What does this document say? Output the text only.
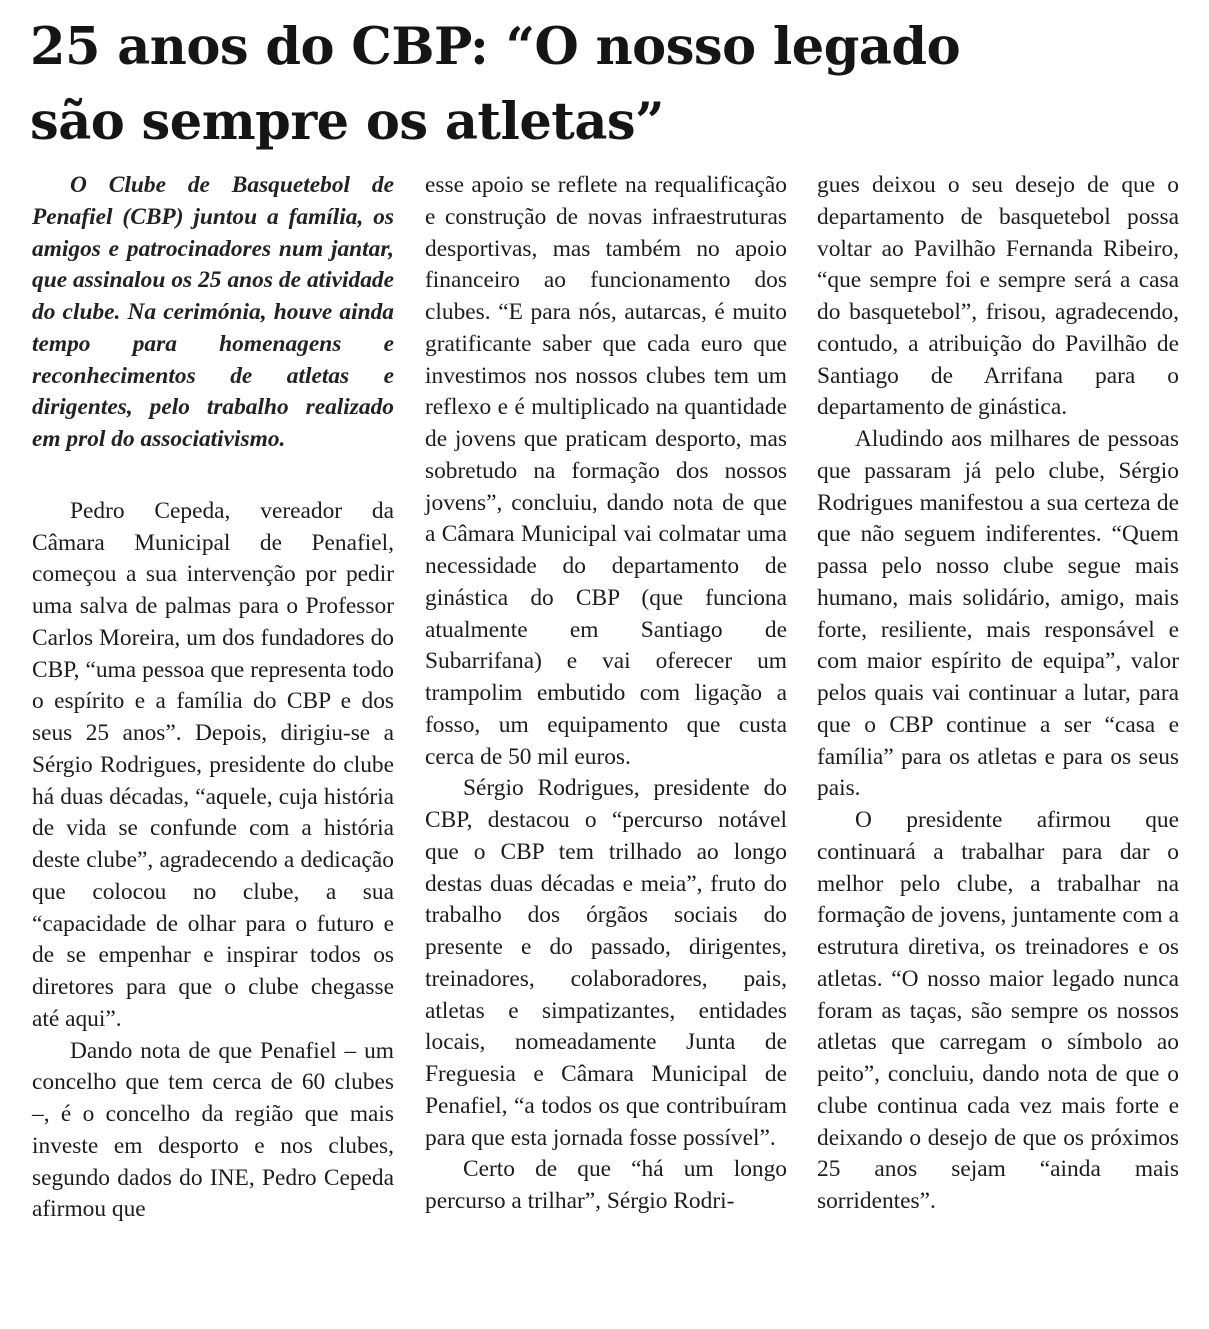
25 anos do CBP: “O nosso legado
são sempre os atletas”

O Clube de Basquetebol de Penafiel (CBP) juntou a família, os amigos e patrocinadores num jantar, que assinalou os 25 anos de atividade do clube. Na cerimónia, houve ainda tempo para homenagens e reconhecimentos de atletas e dirigentes, pelo trabalho realizado em prol do associativismo.

Pedro Cepeda, vereador da Câmara Municipal de Penafiel, começou a sua intervenção por pedir uma salva de palmas para o Professor Carlos Moreira, um dos fundadores do CBP, “uma pessoa que representa todo o espírito e a família do CBP e dos seus 25 anos”. Depois, dirigiu-se a Sérgio Rodrigues, presidente do clube há duas décadas, “aquele, cuja história de vida se confunde com a história deste clube”, agradecendo a dedicação que colocou no clube, a sua “capacidade de olhar para o futuro e de se empenhar e inspirar todos os diretores para que o clube chegasse até aqui”.

Dando nota de que Penafiel – um concelho que tem cerca de 60 clubes –, é o concelho da região que mais investe em desporto e nos clubes, segundo dados do INE, Pedro Cepeda afirmou que

esse apoio se reflete na requalificação e construção de novas infraestruturas desportivas, mas também no apoio financeiro ao funcionamento dos clubes. “E para nós, autarcas, é muito gratificante saber que cada euro que investimos nos nossos clubes tem um reflexo e é multiplicado na quantidade de jovens que praticam desporto, mas sobretudo na formação dos nossos jovens”, concluiu, dando nota de que a Câmara Municipal vai colmatar uma necessidade do departamento de ginástica do CBP (que funciona atualmente em Santiago de Subarrifana) e vai oferecer um trampolim embutido com ligação a fosso, um equipamento que custa cerca de 50 mil euros.

Sérgio Rodrigues, presidente do CBP, destacou o “percurso notável que o CBP tem trilhado ao longo destas duas décadas e meia”, fruto do trabalho dos órgãos sociais do presente e do passado, dirigentes, treinadores, colaboradores, pais, atletas e simpatizantes, entidades locais, nomeadamente Junta de Freguesia e Câmara Municipal de Penafiel, “a todos os que contribuíram para que esta jornada fosse possível”.

Certo de que “há um longo percurso a trilhar”, Sérgio Rodri-

gues deixou o seu desejo de que o departamento de basquetebol possa voltar ao Pavilhão Fernanda Ribeiro, “que sempre foi e sempre será a casa do basquetebol”, frisou, agradecendo, contudo, a atribuição do Pavilhão de Santiago de Arrifana para o departamento de ginástica.

Aludindo aos milhares de pessoas que passaram já pelo clube, Sérgio Rodrigues manifestou a sua certeza de que não seguem indiferentes. “Quem passa pelo nosso clube segue mais humano, mais solidário, amigo, mais forte, resiliente, mais responsável e com maior espírito de equipa”, valor pelos quais vai continuar a lutar, para que o CBP continue a ser “casa e família” para os atletas e para os seus pais.

O presidente afirmou que continuará a trabalhar para dar o melhor pelo clube, a trabalhar na formação de jovens, juntamente com a estrutura diretiva, os treinadores e os atletas. “O nosso maior legado nunca foram as taças, são sempre os nossos atletas que carregam o símbolo ao peito”, concluiu, dando nota de que o clube continua cada vez mais forte e deixando o desejo de que os próximos 25 anos sejam “ainda mais sorridentes”.
